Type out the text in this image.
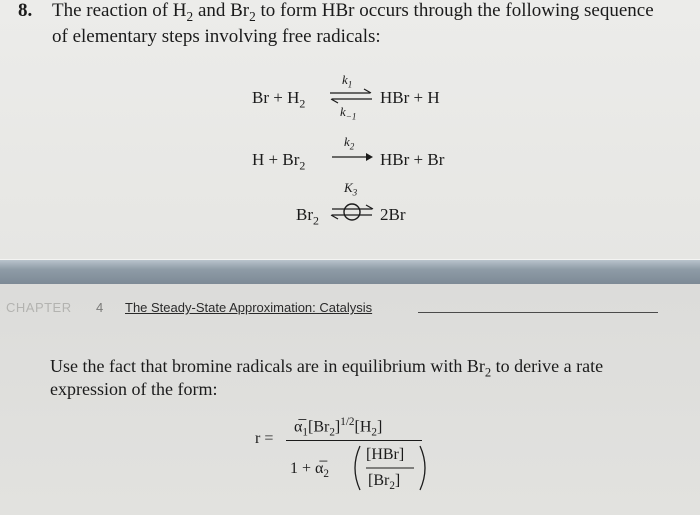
8. The reaction of $H_2$ and $Br_2$ to form HBr occurs through the following sequence
of elementary steps involving free radicals:
$Br + H_2$
$k_1$
$k_{-1}$
HBr + H
$H + Br_2$
$k_2$
HBr + Br
$K_3$
$Br_2$	2Br
CHAPTER 4 The Steady-State Approximation: Catalysis
Use the fact that bromine radicals are in equilibrium with $Br_2$ to derive a rate
expression of the form:
r =
$\alpha̅_1[Br_2]^{1/2}[H_2]$
$1 + \alpha̅_2$
[HBr]
$[Br_2]$
